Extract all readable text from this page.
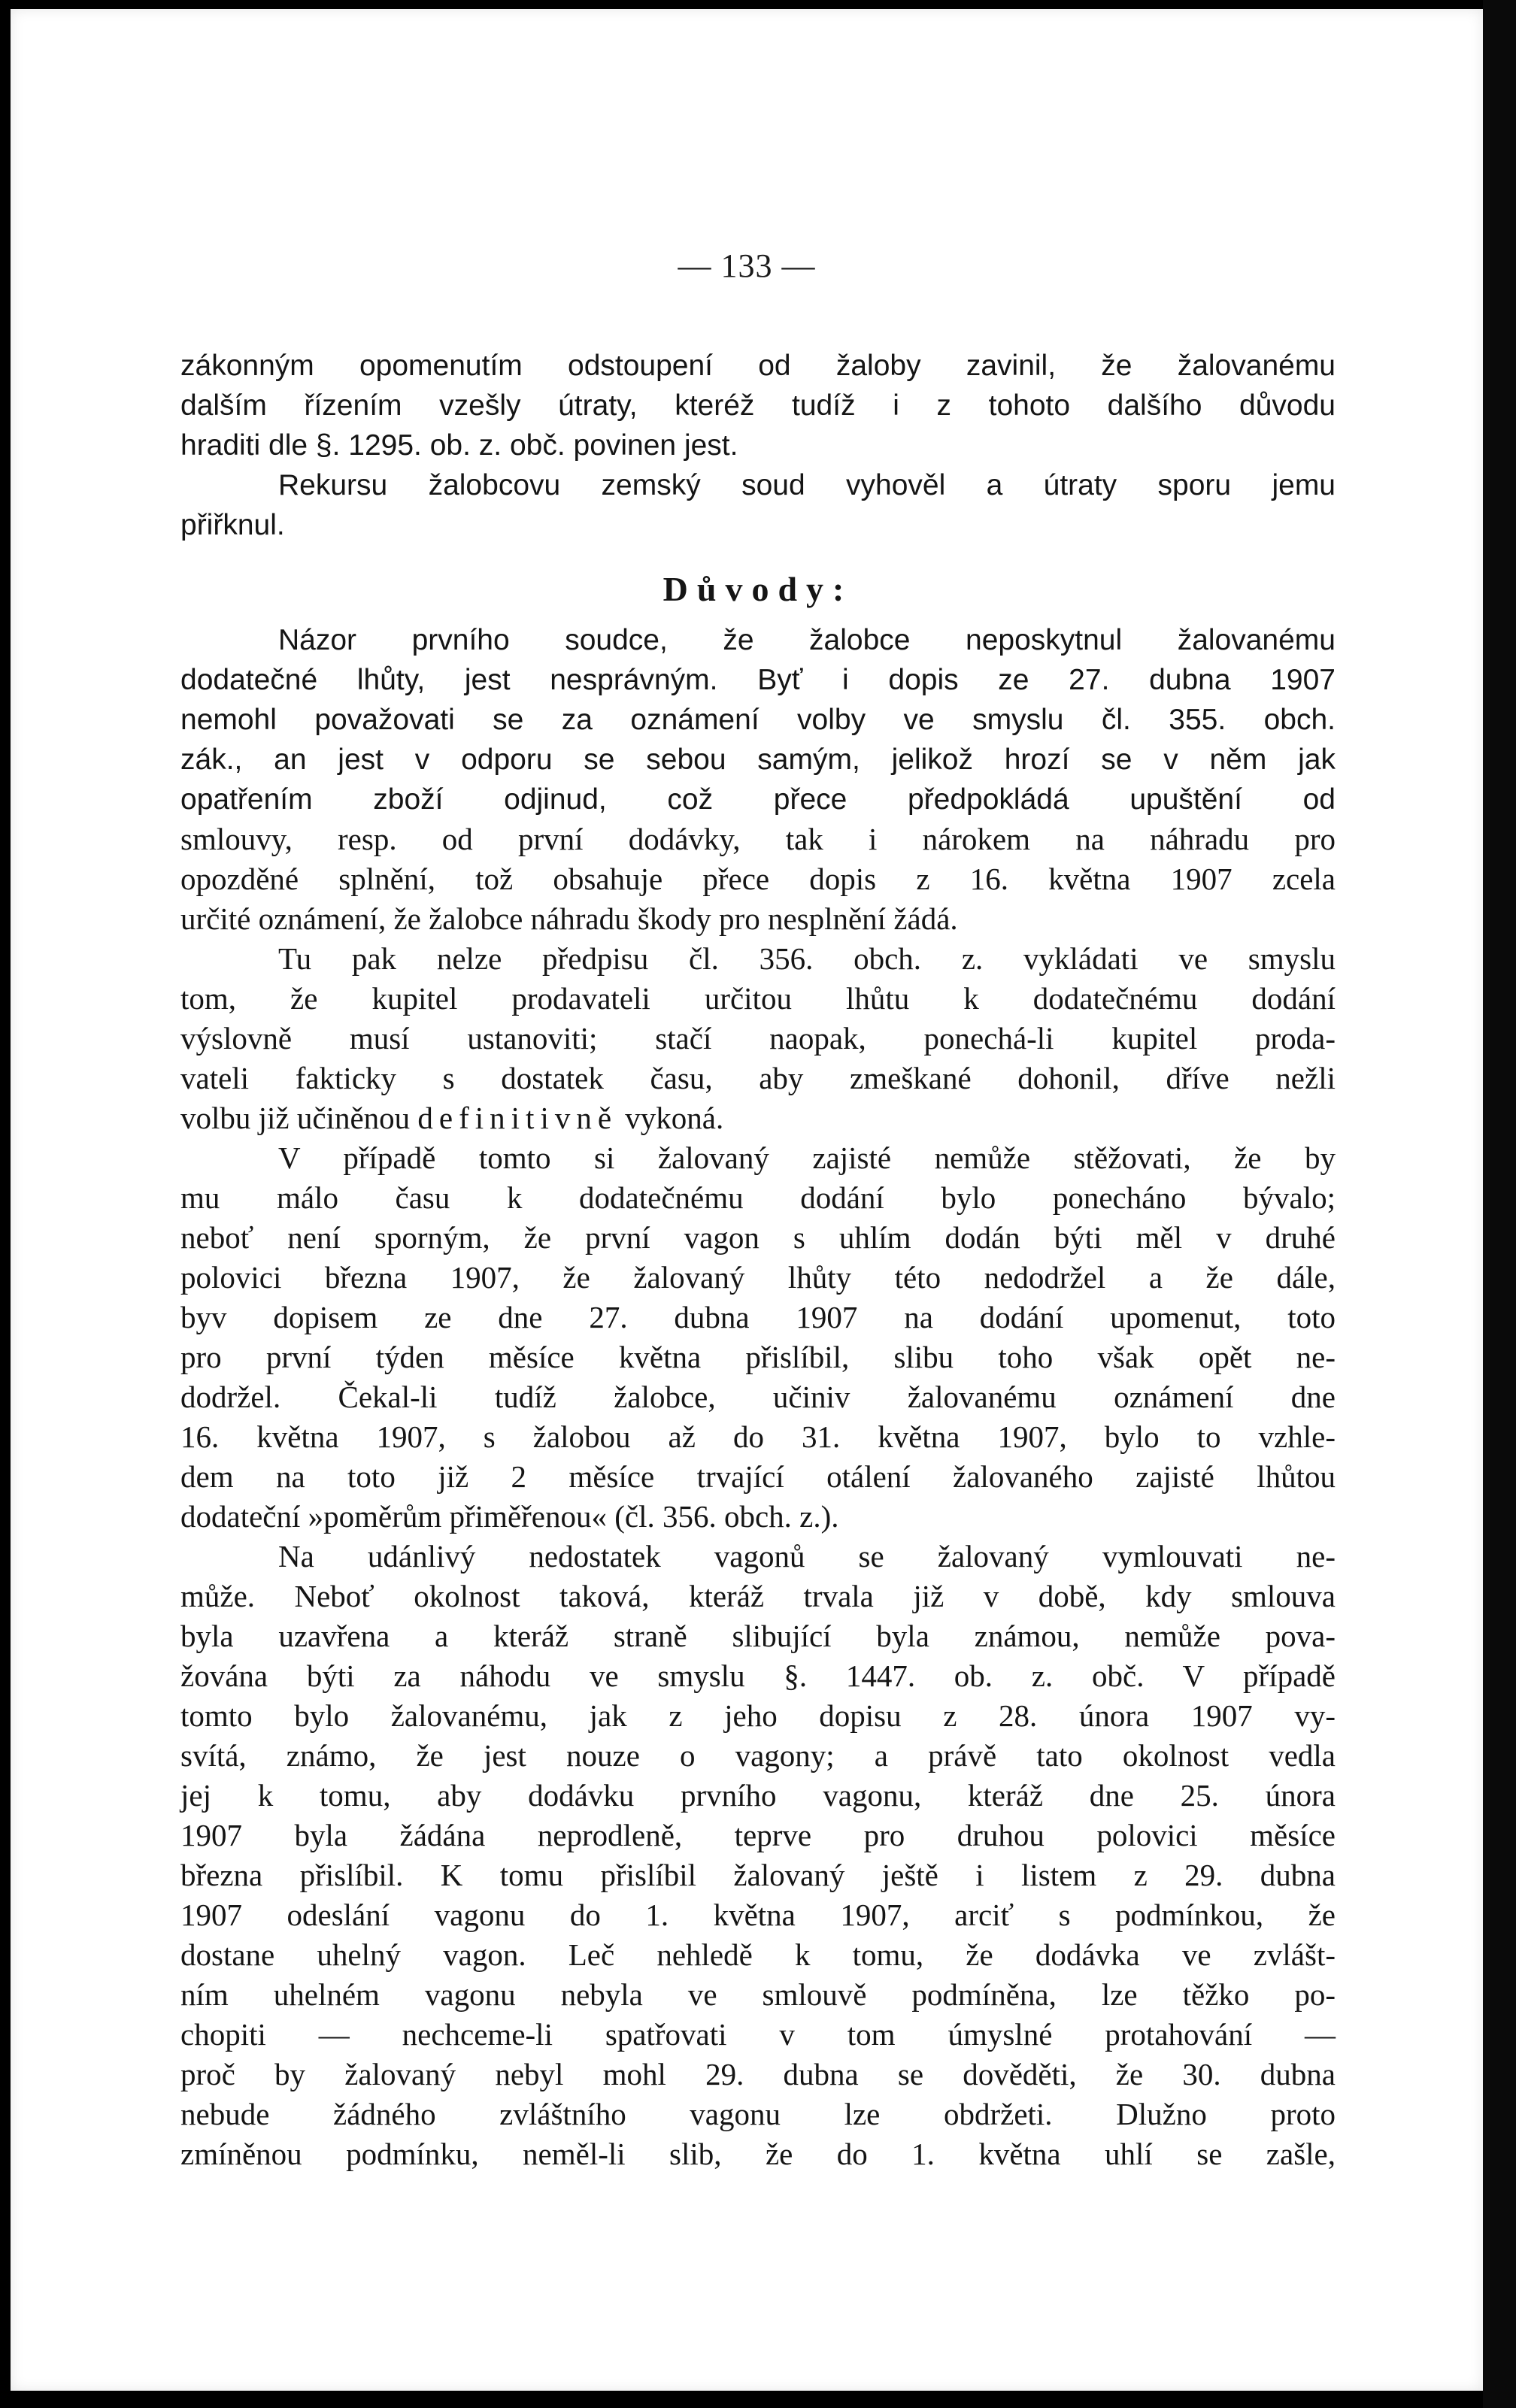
— 133 —
zákonným opomenutím odstoupení od žaloby zavinil, že žalovanému
dalším řízením vzešly útraty, kteréž tudíž i z tohoto dalšího důvodu
hraditi dle §. 1295. ob. z. obč. povinen jest.
Rekursu žalobcovu zemský soud vyhověl a útraty sporu jemu
přiřknul.
Důvody:
Názor prvního soudce, že žalobce neposkytnul žalovanému
dodatečné lhůty, jest nesprávným. Byť i dopis ze 27. dubna 1907
nemohl považovati se za oznámení volby ve smyslu čl. 355. obch.
zák., an jest v odporu se sebou samým, jelikož hrozí se v něm jak
opatřením zboží odjinud, což přece předpokládá upuštění od
smlouvy, resp. od první dodávky, tak i nárokem na náhradu pro
opozděné splnění, tož obsahuje přece dopis z 16. května 1907 zcela
určité oznámení, že žalobce náhradu škody pro nesplnění žádá.
Tu pak nelze předpisu čl. 356. obch. z. vykládati ve smyslu
tom, že kupitel prodavateli určitou lhůtu k dodatečnému dodání
výslovně musí ustanoviti; stačí naopak, ponechá-li kupitel proda-
vateli fakticky s dostatek času, aby zmeškané dohonil, dříve nežli
volbu již učiněnou definitivně vykoná.
V případě tomto si žalovaný zajisté nemůže stěžovati, že by
mu málo času k dodatečnému dodání bylo ponecháno bývalo;
neboť není sporným, že první vagon s uhlím dodán býti měl v druhé
polovici března 1907, že žalovaný lhůty této nedodržel a že dále,
byv dopisem ze dne 27. dubna 1907 na dodání upomenut, toto
pro první týden měsíce května přislíbil, slibu toho však opět ne-
dodržel. Čekal-li tudíž žalobce, učiniv žalovanému oznámení dne
16. května 1907, s žalobou až do 31. května 1907, bylo to vzhle-
dem na toto již 2 měsíce trvající otálení žalovaného zajisté lhůtou
dodateční »poměrům přiměřenou« (čl. 356. obch. z.).
Na udánlivý nedostatek vagonů se žalovaný vymlouvati ne-
může. Neboť okolnost taková, kteráž trvala již v době, kdy smlouva
byla uzavřena a kteráž straně slibující byla známou, nemůže pova-
žována býti za náhodu ve smyslu §. 1447. ob. z. obč. V případě
tomto bylo žalovanému, jak z jeho dopisu z 28. února 1907 vy-
svítá, známo, že jest nouze o vagony; a právě tato okolnost vedla
jej k tomu, aby dodávku prvního vagonu, kteráž dne 25. února
1907 byla žádána neprodleně, teprve pro druhou polovici měsíce
března přislíbil. K tomu přislíbil žalovaný ještě i listem z 29. dubna
1907 odeslání vagonu do 1. května 1907, arciť s podmínkou, že
dostane uhelný vagon. Leč nehledě k tomu, že dodávka ve zvlášt-
ním uhelném vagonu nebyla ve smlouvě podmíněna, lze těžko po-
chopiti — nechceme-li spatřovati v tom úmyslné protahování —
proč by žalovaný nebyl mohl 29. dubna se dověděti, že 30. dubna
nebude žádného zvláštního vagonu lze obdržeti. Dlužno proto
zmíněnou podmínku, neměl-li slib, že do 1. května uhlí se zašle,
